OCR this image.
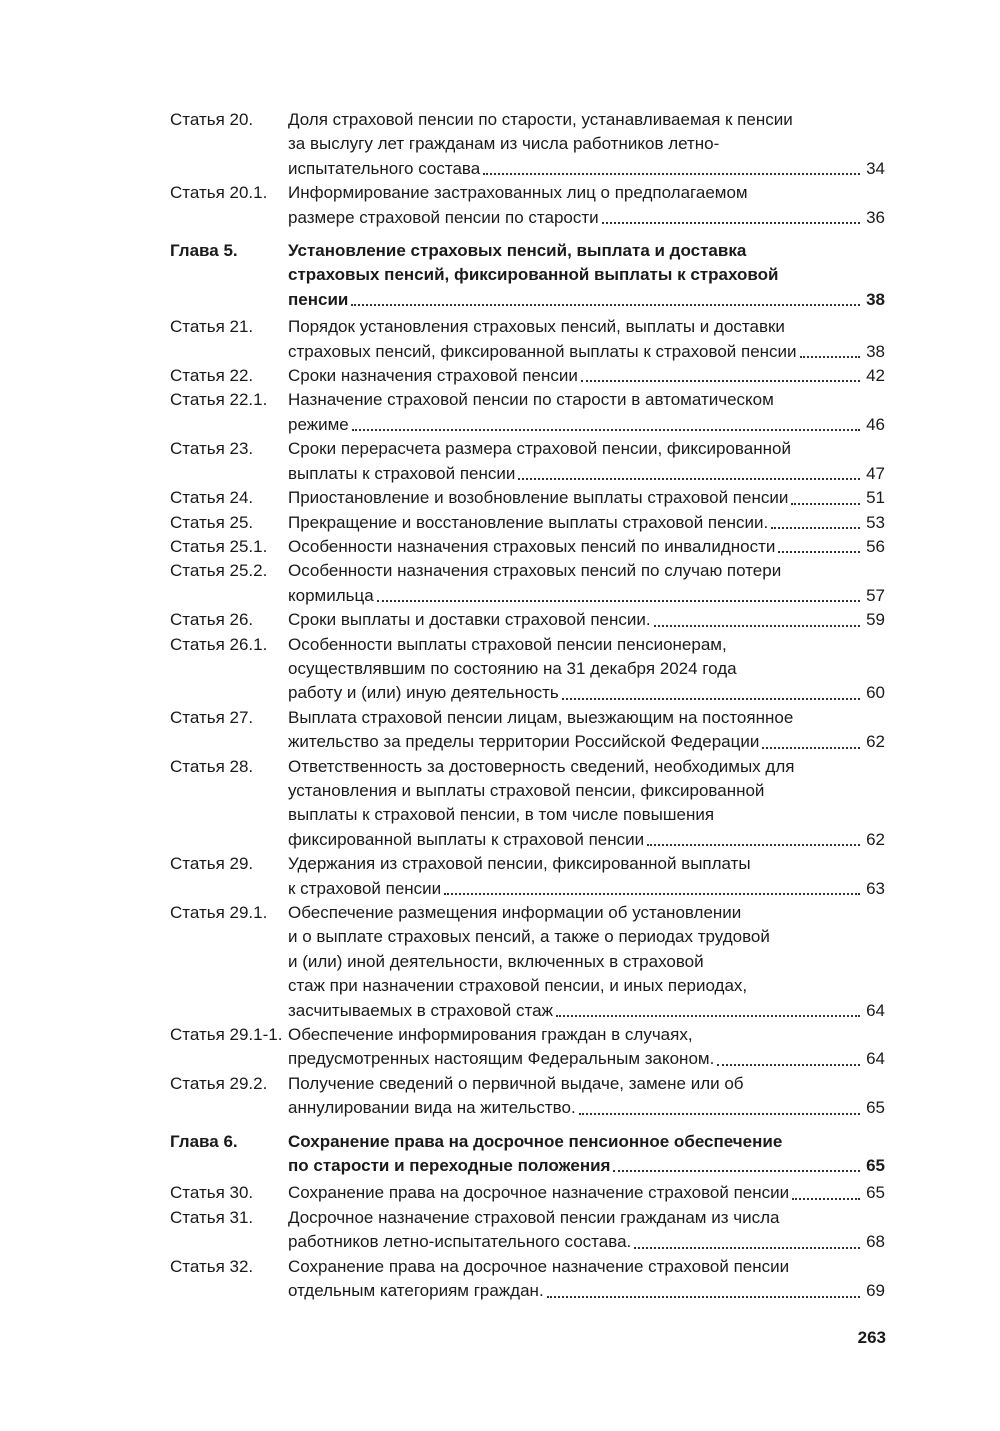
Статья 20.	Доля страховой пенсии по старости, устанавливаемая к пенсии
за выслугу лет гражданам из числа работников летно-
испытательного состава	34
Статья 20.1.	Информирование застрахованных лиц о предполагаемом
размере страховой пенсии по старости	36
Глава 5.	Установление страховых пенсий, выплата и доставка
страховых пенсий, фиксированной выплаты к страховой
пенсии	38
Статья 21.	Порядок установления страховых пенсий, выплаты и доставки
страховых пенсий, фиксированной выплаты к страховой пенсии	38
Статья 22.	Сроки назначения страховой пенсии	42
Статья 22.1.	Назначение страховой пенсии по старости в автоматическом
режиме	46
Статья 23.	Сроки перерасчета размера страховой пенсии, фиксированной
выплаты к страховой пенсии	47
Статья 24.	Приостановление и возобновление выплаты страховой пенсии	51
Статья 25.	Прекращение и восстановление выплаты страховой пенсии.	53
Статья 25.1.	Особенности назначения страховых пенсий по инвалидности	56
Статья 25.2.	Особенности назначения страховых пенсий по случаю потери
кормильца	57
Статья 26.	Сроки выплаты и доставки страховой пенсии.	59
Статья 26.1.	Особенности выплаты страховой пенсии пенсионерам,
осуществлявшим по состоянию на 31 декабря 2024 года
работу и (или) иную деятельность	60
Статья 27.	Выплата страховой пенсии лицам, выезжающим на постоянное
жительство за пределы территории Российской Федерации	62
Статья 28.	Ответственность за достоверность сведений, необходимых для
установления и выплаты страховой пенсии, фиксированной
выплаты к страховой пенсии, в том числе повышения
фиксированной выплаты к страховой пенсии	62
Статья 29.	Удержания из страховой пенсии, фиксированной выплаты
к страховой пенсии	63
Статья 29.1.	Обеспечение размещения информации об установлении
и о выплате страховых пенсий, а также о периодах трудовой
и (или) иной деятельности, включенных в страховой
стаж при назначении страховой пенсии, и иных периодах,
засчитываемых в страховой стаж	64
Статья 29.1-1. Обеспечение информирования граждан в случаях,
предусмотренных настоящим Федеральным законом.	64
Статья 29.2.	Получение сведений о первичной выдаче, замене или об
аннулировании вида на жительство.	65
Глава 6.	Сохранение права на досрочное пенсионное обеспечение
по старости и переходные положения	65
Статья 30.	Сохранение права на досрочное назначение страховой пенсии	65
Статья 31.	Досрочное назначение страховой пенсии гражданам из числа
работников летно-испытательного состава.	68
Статья 32.	Сохранение права на досрочное назначение страховой пенсии
отдельным категориям граждан.	69
263
